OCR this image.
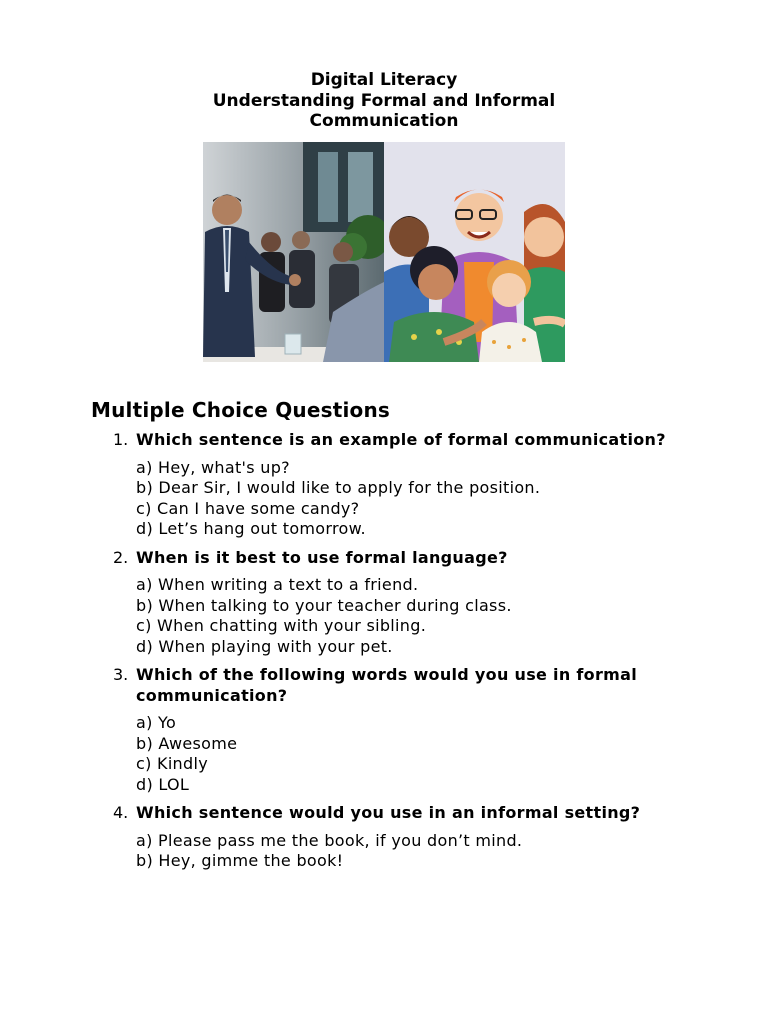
Digital Literacy
Understanding Formal and Informal
Communication
Multiple Choice Questions
1. Which sentence is an example of formal communication?
a) Hey, what's up?
b) Dear Sir, I would like to apply for the position.
c) Can I have some candy?
d) Let’s hang out tomorrow.
2. When is it best to use formal language?
a) When writing a text to a friend.
b) When talking to your teacher during class.
c) When chatting with your sibling.
d) When playing with your pet.
3. Which of the following words would you use in formal communication?
a) Yo
b) Awesome
c) Kindly
d) LOL
4. Which sentence would you use in an informal setting?
a) Please pass me the book, if you don’t mind.
b) Hey, gimme the book!
